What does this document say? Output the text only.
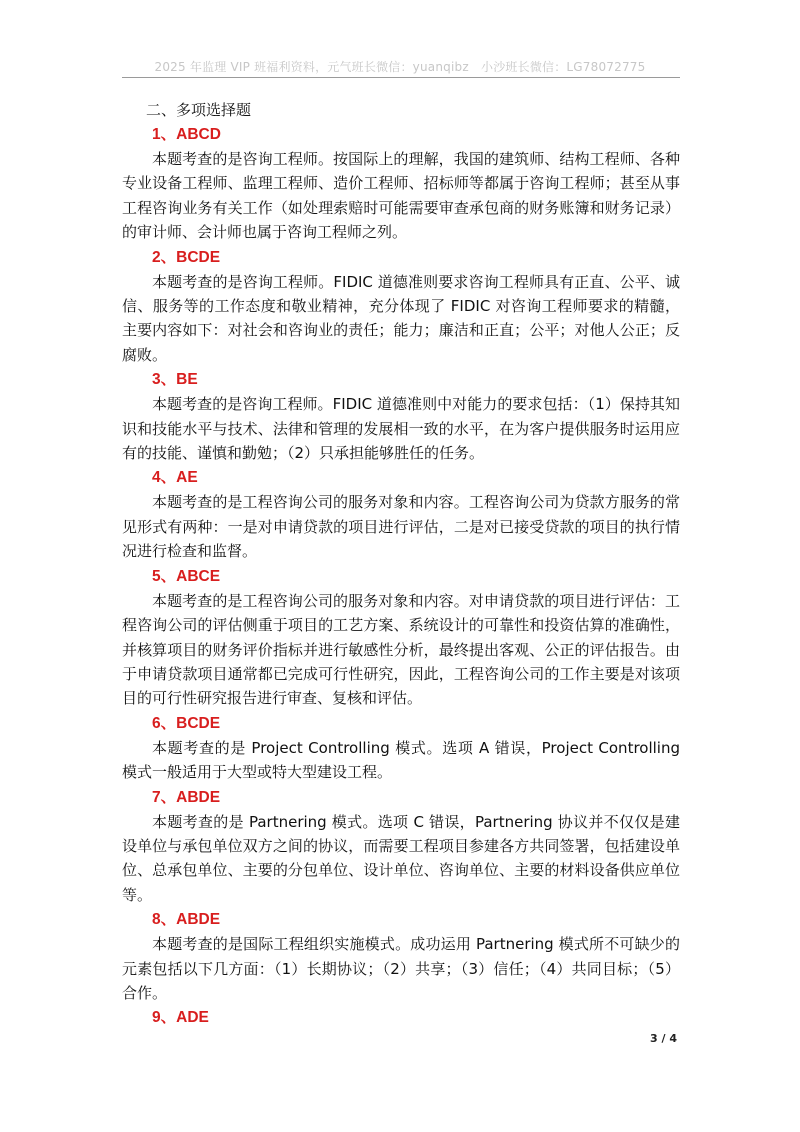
2025 年监理 VIP 班福利资料，元气班长微信：yuanqibz　小沙班长微信：LG78072775

二、多项选择题

1、ABCD

本题考查的是咨询工程师。按国际上的理解，我国的建筑师、结构工程师、各种专业设备工程师、监理工程师、造价工程师、招标师等都属于咨询工程师；甚至从事工程咨询业务有关工作（如处理索赔时可能需要审查承包商的财务账簿和财务记录）的审计师、会计师也属于咨询工程师之列。

2、BCDE

本题考查的是咨询工程师。FIDIC 道德准则要求咨询工程师具有正直、公平、诚信、服务等的工作态度和敬业精神，充分体现了 FIDIC 对咨询工程师要求的精髓，主要内容如下：对社会和咨询业的责任；能力；廉洁和正直；公平；对他人公正；反腐败。

3、BE

本题考查的是咨询工程师。FIDIC 道德准则中对能力的要求包括：（1）保持其知识和技能水平与技术、法律和管理的发展相一致的水平，在为客户提供服务时运用应有的技能、谨慎和勤勉；（2）只承担能够胜任的任务。

4、AE

本题考查的是工程咨询公司的服务对象和内容。工程咨询公司为贷款方服务的常见形式有两种：一是对申请贷款的项目进行评估，二是对已接受贷款的项目的执行情况进行检查和监督。

5、ABCE

本题考查的是工程咨询公司的服务对象和内容。对申请贷款的项目进行评估：工程咨询公司的评估侧重于项目的工艺方案、系统设计的可靠性和投资估算的准确性，并核算项目的财务评价指标并进行敏感性分析，最终提出客观、公正的评估报告。由于申请贷款项目通常都已完成可行性研究，因此，工程咨询公司的工作主要是对该项目的可行性研究报告进行审查、复核和评估。

6、BCDE

本题考查的是 Project Controlling 模式。选项 A 错误，Project Controlling 模式一般适用于大型或特大型建设工程。

7、ABDE

本题考查的是 Partnering 模式。选项 C 错误，Partnering 协议并不仅仅是建设单位与承包单位双方之间的协议，而需要工程项目参建各方共同签署，包括建设单位、总承包单位、主要的分包单位、设计单位、咨询单位、主要的材料设备供应单位等。

8、ABDE

本题考查的是国际工程组织实施模式。成功运用 Partnering 模式所不可缺少的元素包括以下几方面：（1）长期协议；（2）共享；（3）信任；（4）共同目标；（5）合作。

9、ADE

3 / 4
